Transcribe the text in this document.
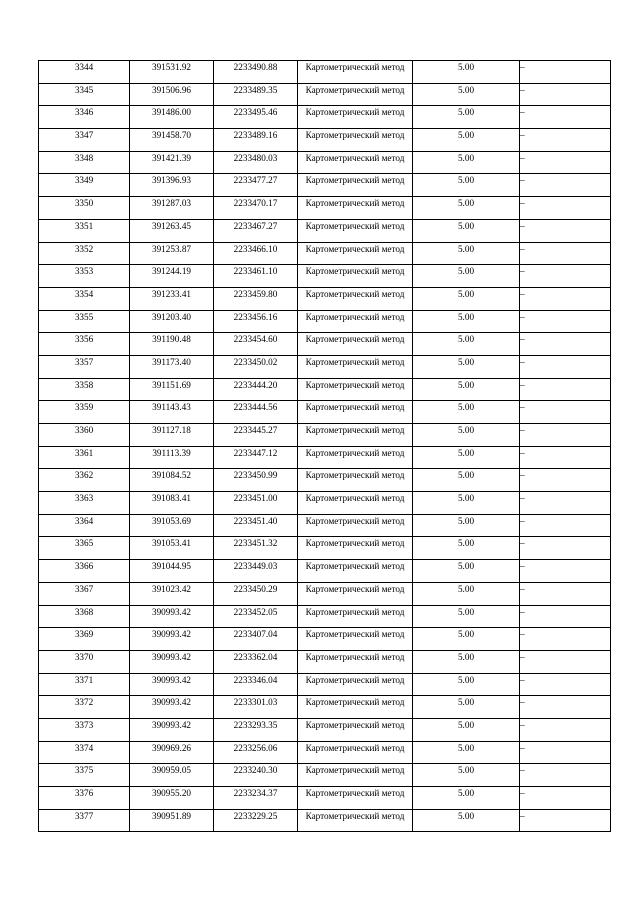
3344	391531.92	2233490.88	Картометрический метод	5.00	–

3345	391506.96	2233489.35	Картометрический метод	5.00	–

3346	391486.00	2233495.46	Картометрический метод	5.00	–

3347	391458.70	2233489.16	Картометрический метод	5.00	–

3348	391421.39	2233480.03	Картометрический метод	5.00	–

3349	391396.93	2233477.27	Картометрический метод	5.00	–

3350	391287.03	2233470.17	Картометрический метод	5.00	–

3351	391263.45	2233467.27	Картометрический метод	5.00	–

3352	391253.87	2233466.10	Картометрический метод	5.00	–

3353	391244.19	2233461.10	Картометрический метод	5.00	–

3354	391233.41	2233459.80	Картометрический метод	5.00	–

3355	391203.40	2233456.16	Картометрический метод	5.00	–

3356	391190.48	2233454.60	Картометрический метод	5.00	–

3357	391173.40	2233450.02	Картометрический метод	5.00	–

3358	391151.69	2233444.20	Картометрический метод	5.00	–

3359	391143.43	2233444.56	Картометрический метод	5.00	–

3360	391127.18	2233445.27	Картометрический метод	5.00	–

3361	391113.39	2233447.12	Картометрический метод	5.00	–

3362	391084.52	2233450.99	Картометрический метод	5.00	–

3363	391083.41	2233451.00	Картометрический метод	5.00	–

3364	391053.69	2233451.40	Картометрический метод	5.00	–

3365	391053.41	2233451.32	Картометрический метод	5.00	–

3366	391044.95	2233449.03	Картометрический метод	5.00	–

3367	391023.42	2233450.29	Картометрический метод	5.00	–

3368	390993.42	2233452.05	Картометрический метод	5.00	–

3369	390993.42	2233407.04	Картометрический метод	5.00	–

3370	390993.42	2233362.04	Картометрический метод	5.00	–

3371	390993.42	2233346.04	Картометрический метод	5.00	–

3372	390993.42	2233301.03	Картометрический метод	5.00	–

3373	390993.42	2233293.35	Картометрический метод	5.00	–

3374	390969.26	2233256.06	Картометрический метод	5.00	–

3375	390959.05	2233240.30	Картометрический метод	5.00	–

3376	390955.20	2233234.37	Картометрический метод	5.00	–

3377	390951.89	2233229.25	Картометрический метод	5.00	–
